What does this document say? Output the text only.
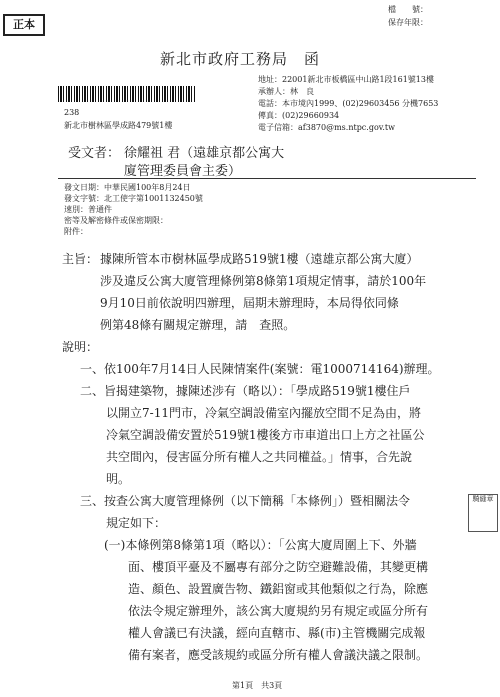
正本
檔　　號：
保存年限：
新北市政府工務局　函
地址：22001新北市板橋區中山路1段161號13樓
承辦人：林　良
電話：本市境內1999、(02)29603456 分機7653
傳真：(02)29660934
電子信箱：af3870@ms.ntpc.gov.tw
238
新北市樹林區學成路479號1樓
受文者： 徐耀祖 君（遠雄京都公寓大
廈管理委員會主委）
發文日期：中華民國100年8月24日
發文字號：北工使字第1001132450號
速別：普通件
密等及解密條件或保密期限：
附件：
主旨： 據陳所管本市樹林區學成路519號1樓（遠雄京都公寓大廈）
涉及違反公寓大廈管理條例第8條第1項規定情事，請於100年
9月10日前依說明四辦理，屆期未辦理時，本局得依同條
例第48條有關規定辦理，請　查照。
說明：
一、依100年7月14日人民陳情案件(案號：電1000714164)辦理。
二、旨揭建築物，據陳述涉有（略以）：「學成路519號1樓住戶
以開立7-11門市，冷氣空調設備室內擺放空間不足為由，將
冷氣空調設備安置於519號1樓後方市車道出口上方之社區公
共空間內，侵害區分所有權人之共同權益。」情事，合先說
明。
三、按查公寓大廈管理條例（以下簡稱「本條例」）暨相關法令
規定如下：
(一)本條例第8條第1項（略以）：「公寓大廈周圍上下、外牆
面、樓頂平臺及不屬專有部分之防空避難設備，其變更構
造、顏色、設置廣告物、鐵鋁窗或其他類似之行為，除應
依法令規定辦理外，該公寓大廈規約另有規定或區分所有
權人會議已有決議，經向直轄市、縣(市)主管機關完成報
備有案者，應受該規約或區分所有權人會議決議之限制。
騎縫章
第1頁　共3頁
